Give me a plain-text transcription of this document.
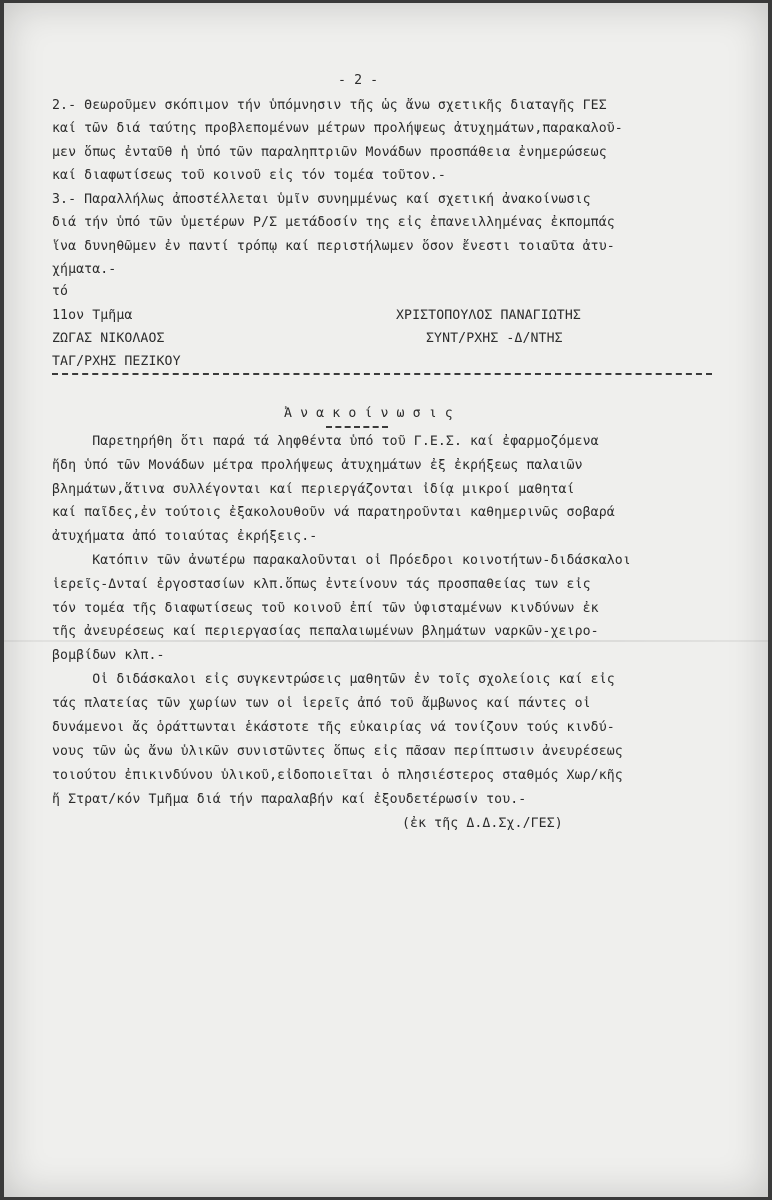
- 2 -
2.- Θεωροῦμεν σκόπιμον τήν ὑπόμνησιν τῆς ὡς ἄνω σχετικῆς διαταγῆς ΓΕΣ
καί τῶν διά ταύτης προβλεπομένων μέτρων προλήψεως ἀτυχημάτων,παρακαλοῦ-
μεν ὅπως ἐνταῦθ ἡ ὑπό τῶν παραληπτριῶν Μονάδων προσπάθεια ἐνημερώσεως
καί διαφωτίσεως τοῦ κοινοῦ εἰς τόν τομέα τοῦτον.-
3.- Παραλλήλως ἀποστέλλεται ὑμῖν συνημμένως καί σχετική ἀνακοίνωσις
διά τήν ὑπό τῶν ὑμετέρων Ρ/Σ μετάδοσίν της εἰς ἐπανειλλημένας ἐκπομπάς
ἵνα δυνηθῶμεν ἐν παντί τρόπῳ καί περιστήλωμεν ὅσον ἔνεστι τοιαῦτα ἀτυ-
χήματα.-
τό
11ον Τμῆμα
ΖΩΓΑΣ ΝΙΚΟΛΑΟΣ
ΤΑΓ/ΡΧΗΣ ΠΕΖΙΚΟΥ
ΧΡΙΣΤΟΠΟΥΛΟΣ ΠΑΝΑΓΙΩΤΗΣ
ΣΥΝΤ/ΡΧΗΣ -Δ/ΝΤΗΣ
Ἀ ν α κ ο ί ν ω σ ι ς
Παρετηρήθη ὅτι παρά τά ληφθέντα ὑπό τοῦ Γ.Ε.Σ. καί ἐφαρμοζόμενα
ἤδη ὑπό τῶν Μονάδων μέτρα προλήψεως ἀτυχημάτων ἐξ ἐκρήξεως παλαιῶν
βλημάτων,ἅτινα συλλέγονται καί περιεργάζονται ἰδίᾳ μικροί μαθηταί
καί παῖδες,ἐν τούτοις ἐξακολουθοῦν νά παρατηροῦνται καθημερινῶς σοβαρά
ἀτυχήματα ἀπό τοιαύτας ἐκρήξεις.-
Κατόπιν τῶν ἀνωτέρω παρακαλοῦνται οἱ Πρόεδροι κοινοτήτων-διδάσκαλοι
ἱερεῖς-Δνταί ἐργοστασίων κλπ.ὅπως ἐντείνουν τάς προσπαθείας των εἰς
τόν τομέα τῆς διαφωτίσεως τοῦ κοινοῦ ἐπί τῶν ὑφισταμένων κινδύνων ἐκ
τῆς ἀνευρέσεως καί περιεργασίας πεπαλαιωμένων βλημάτων ναρκῶν-χειρο-
βομβίδων κλπ.-
Οἱ διδάσκαλοι εἰς συγκεντρώσεις μαθητῶν ἐν τοῖς σχολείοις καί εἰς
τάς πλατείας τῶν χωρίων των οἱ ἱερεῖς ἀπό τοῦ ἄμβωνος καί πάντες οἱ
δυνάμενοι ἄς ὁράττωνται ἑκάστοτε τῆς εὐκαιρίας νά τονίζουν τούς κινδύ-
νους τῶν ὡς ἄνω ὑλικῶν συνιστῶντες ὅπως εἰς πᾶσαν περίπτωσιν ἀνευρέσεως
τοιούτου ἐπικινδύνου ὑλικοῦ,εἰδοποιεῖται ὁ πλησιέστερος σταθμός Χωρ/κῆς
ἤ Στρατ/κόν Τμῆμα διά τήν παραλαβήν καί ἐξουδετέρωσίν του.-
(ἐκ τῆς Δ.Δ.Σχ./ΓΕΣ)
